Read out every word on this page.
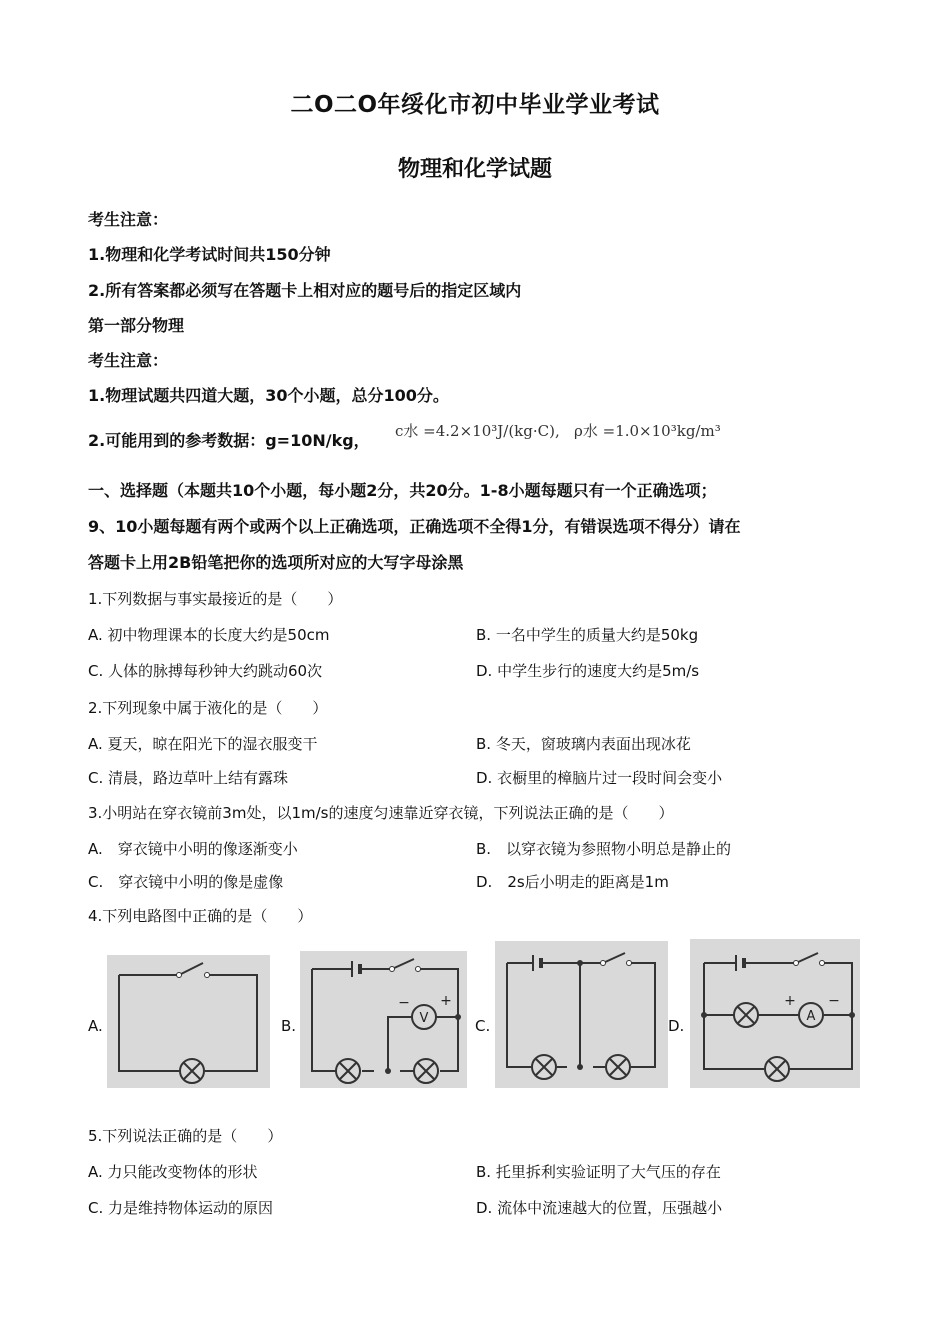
二O二O年绥化市初中毕业学业考试
物理和化学试题
考生注意：
1.物理和化学考试时间共150分钟
2.所有答案都必须写在答题卡上相对应的题号后的指定区域内
第一部分物理
考生注意：
1.物理试题共四道大题，30个小题，总分100分。
2.可能用到的参考数据：g=10N/kg， c水 =4.2×10³J/(kg·C),   ρ水 =1.0×10³kg/m³
一、选择题（本题共10个小题，每小题2分，共20分。1-8小题每题只有一个正确选项；
9、10小题每题有两个或两个以上正确选项，正确选项不全得1分，有错误选项不得分）请在
答题卡上用2B铅笔把你的选项所对应的大写字母涂黑
1.下列数据与事实最接近的是（　　）
A. 初中物理课本的长度大约是50cm	B. 一名中学生的质量大约是50kg
C. 人体的脉搏每秒钟大约跳动60次	D. 中学生步行的速度大约是5m/s
2.下列现象中属于液化的是（　　）
A. 夏天，晾在阳光下的湿衣服变干	B. 冬天，窗玻璃内表面出现冰花
C. 清晨，路边草叶上结有露珠	D. 衣橱里的樟脑片过一段时间会变小
3.小明站在穿衣镜前3m处，以1m/s的速度匀速靠近穿衣镜，下列说法正确的是（　　）
A.　穿衣镜中小明的像逐渐变小	B.　以穿衣镜为参照物小明总是静止的
C.　穿衣镜中小明的像是虚像	D.　2s后小明走的距离是1m
4.下列电路图中正确的是（　　）
A.	B.	V
− +
C.	D.
A
+ −
5.下列说法正确的是（　　）
A. 力只能改变物体的形状	B. 托里拆利实验证明了大气压的存在
C. 力是维持物体运动的原因	D. 流体中流速越大的位置，压强越小
